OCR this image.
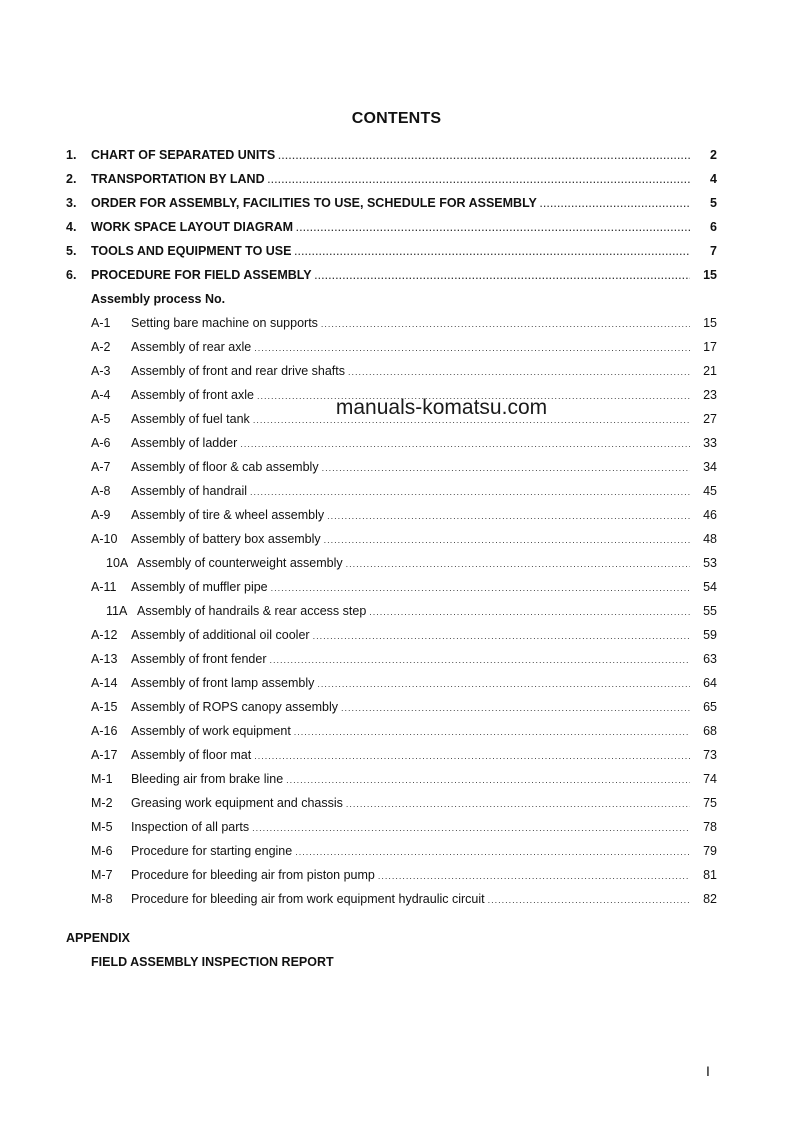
CONTENTS
manuals-komatsu.com
1. CHART OF SEPARATED UNITS .....	2
2. TRANSPORTATION BY LAND .....	4
3. ORDER FOR ASSEMBLY, FACILITIES TO USE, SCHEDULE FOR ASSEMBLY .....	5
4. WORK SPACE LAYOUT DIAGRAM .....	6
5. TOOLS AND EQUIPMENT TO USE .....	7
6. PROCEDURE FOR FIELD ASSEMBLY .....	15
A-1 Setting bare machine on supports .....	15
A-2 Assembly of rear axle .....	17
A-3 Assembly of front and rear drive shafts .....	21
A-4 Assembly of front axle .....	23
A-5 Assembly of fuel tank .....	27
A-6 Assembly of ladder .....	33
A-7 Assembly of floor & cab assembly .....	34
A-8 Assembly of handrail .....	45
A-9 Assembly of tire & wheel assembly .....	46
A-10 Assembly of battery box assembly .....	48
10A Assembly of counterweight assembly .....	53
A-11 Assembly of muffler pipe .....	54
11A Assembly of handrails & rear access step .....	55
A-12 Assembly of additional oil cooler .....	59
A-13 Assembly of front fender .....	63
A-14 Assembly of front lamp assembly .....	64
A-15 Assembly of ROPS canopy assembly .....	65
A-16 Assembly of work equipment .....	68
A-17 Assembly of floor mat .....	73
M-1 Bleeding air from brake line .....	74
M-2 Greasing work equipment and chassis .....	75
M-5 Inspection of all parts .....	78
M-6 Procedure for starting engine .....	79
M-7 Procedure for bleeding air from piston pump .....	81
M-8 Procedure for bleeding air from work equipment hydraulic circuit .....	82
Assembly process No.
APPENDIX
FIELD ASSEMBLY INSPECTION REPORT
I
